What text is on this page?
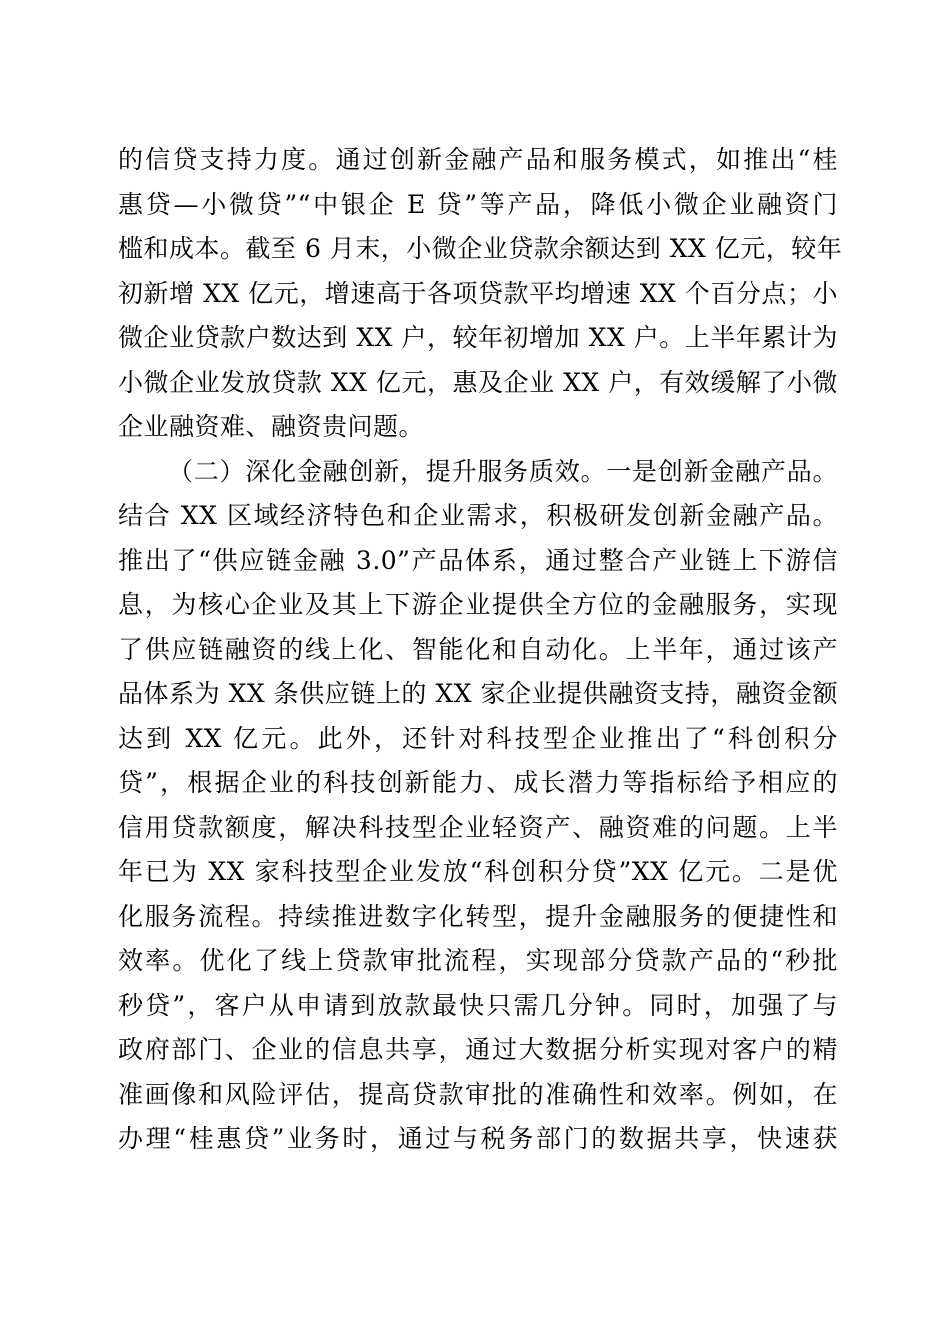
的信贷支持力度。通过创新金融产品和服务模式，如推出“桂
惠贷—小微贷”“中银企 E 贷”等产品，降低小微企业融资门
槛和成本。截至 6 月末，小微企业贷款余额达到 XX 亿元，较年
初新增 XX 亿元，增速高于各项贷款平均增速 XX 个百分点；小
微企业贷款户数达到 XX 户，较年初增加 XX 户。上半年累计为
小微企业发放贷款 XX 亿元，惠及企业 XX 户，有效缓解了小微
企业融资难、融资贵问题。
（二）深化金融创新，提升服务质效。一是创新金融产品。
结合 XX 区域经济特色和企业需求，积极研发创新金融产品。
推出了“供应链金融 3.0”产品体系，通过整合产业链上下游信
息，为核心企业及其上下游企业提供全方位的金融服务，实现
了供应链融资的线上化、智能化和自动化。上半年，通过该产
品体系为 XX 条供应链上的 XX 家企业提供融资支持，融资金额
达到 XX 亿元。此外，还针对科技型企业推出了“科创积分
贷”，根据企业的科技创新能力、成长潜力等指标给予相应的
信用贷款额度，解决科技型企业轻资产、融资难的问题。上半
年已为 XX 家科技型企业发放“科创积分贷”XX 亿元。二是优
化服务流程。持续推进数字化转型，提升金融服务的便捷性和
效率。优化了线上贷款审批流程，实现部分贷款产品的“秒批
秒贷”，客户从申请到放款最快只需几分钟。同时，加强了与
政府部门、企业的信息共享，通过大数据分析实现对客户的精
准画像和风险评估，提高贷款审批的准确性和效率。例如，在
办理“桂惠贷”业务时，通过与税务部门的数据共享，快速获
